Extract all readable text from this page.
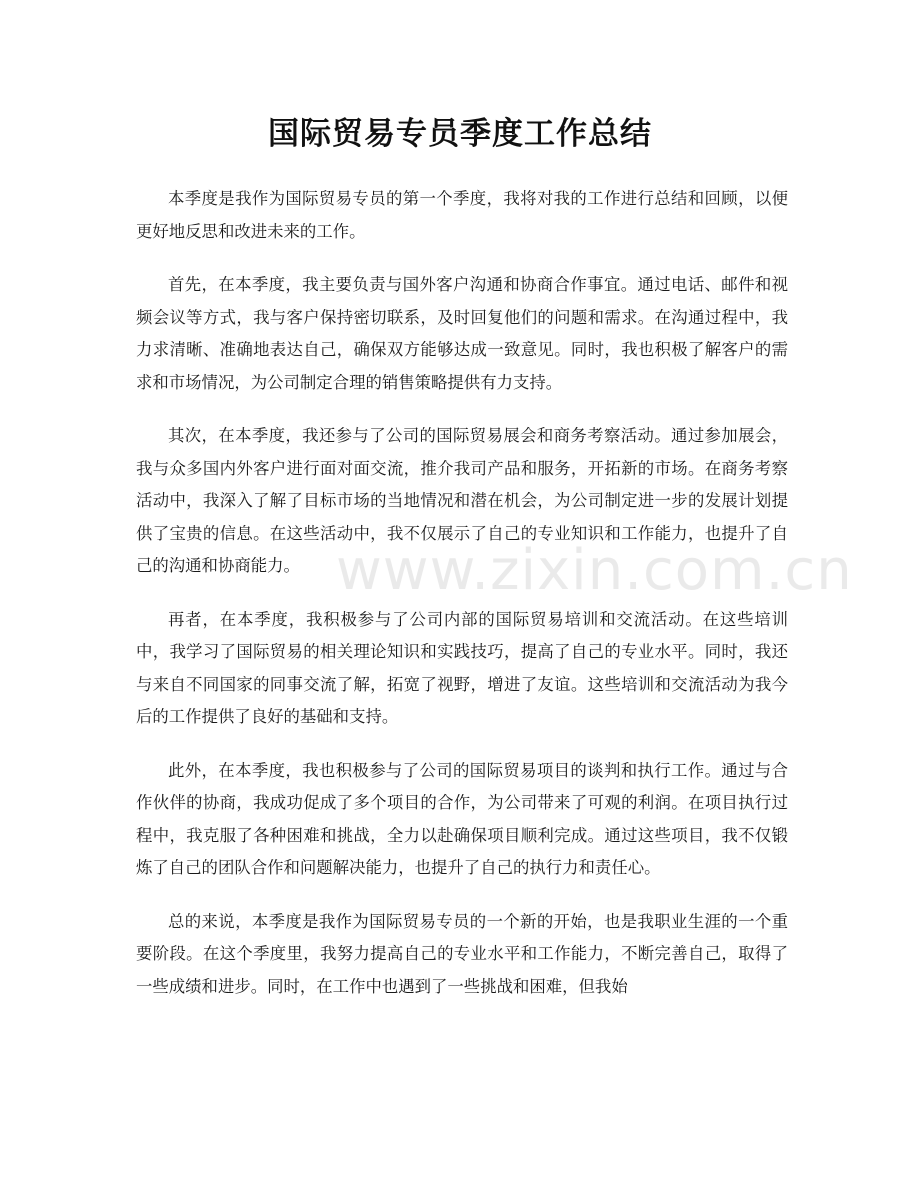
国际贸易专员季度工作总结

本季度是我作为国际贸易专员的第一个季度，我将对我的工作进行总结和回顾，以便更好地反思和改进未来的工作。

首先，在本季度，我主要负责与国外客户沟通和协商合作事宜。通过电话、邮件和视频会议等方式，我与客户保持密切联系，及时回复他们的问题和需求。在沟通过程中，我力求清晰、准确地表达自己，确保双方能够达成一致意见。同时，我也积极了解客户的需求和市场情况，为公司制定合理的销售策略提供有力支持。

其次，在本季度，我还参与了公司的国际贸易展会和商务考察活动。通过参加展会，我与众多国内外客户进行面对面交流，推介我司产品和服务，开拓新的市场。在商务考察活动中，我深入了解了目标市场的当地情况和潜在机会，为公司制定进一步的发展计划提供了宝贵的信息。在这些活动中，我不仅展示了自己的专业知识和工作能力，也提升了自己的沟通和协商能力。

再者，在本季度，我积极参与了公司内部的国际贸易培训和交流活动。在这些培训中，我学习了国际贸易的相关理论知识和实践技巧，提高了自己的专业水平。同时，我还与来自不同国家的同事交流了解，拓宽了视野，增进了友谊。这些培训和交流活动为我今后的工作提供了良好的基础和支持。

此外，在本季度，我也积极参与了公司的国际贸易项目的谈判和执行工作。通过与合作伙伴的协商，我成功促成了多个项目的合作，为公司带来了可观的利润。在项目执行过程中，我克服了各种困难和挑战，全力以赴确保项目顺利完成。通过这些项目，我不仅锻炼了自己的团队合作和问题解决能力，也提升了自己的执行力和责任心。

总的来说，本季度是我作为国际贸易专员的一个新的开始，也是我职业生涯的一个重要阶段。在这个季度里，我努力提高自己的专业水平和工作能力，不断完善自己，取得了一些成绩和进步。同时，在工作中也遇到了一些挑战和困难，但我始

www.zixin.com.cn
